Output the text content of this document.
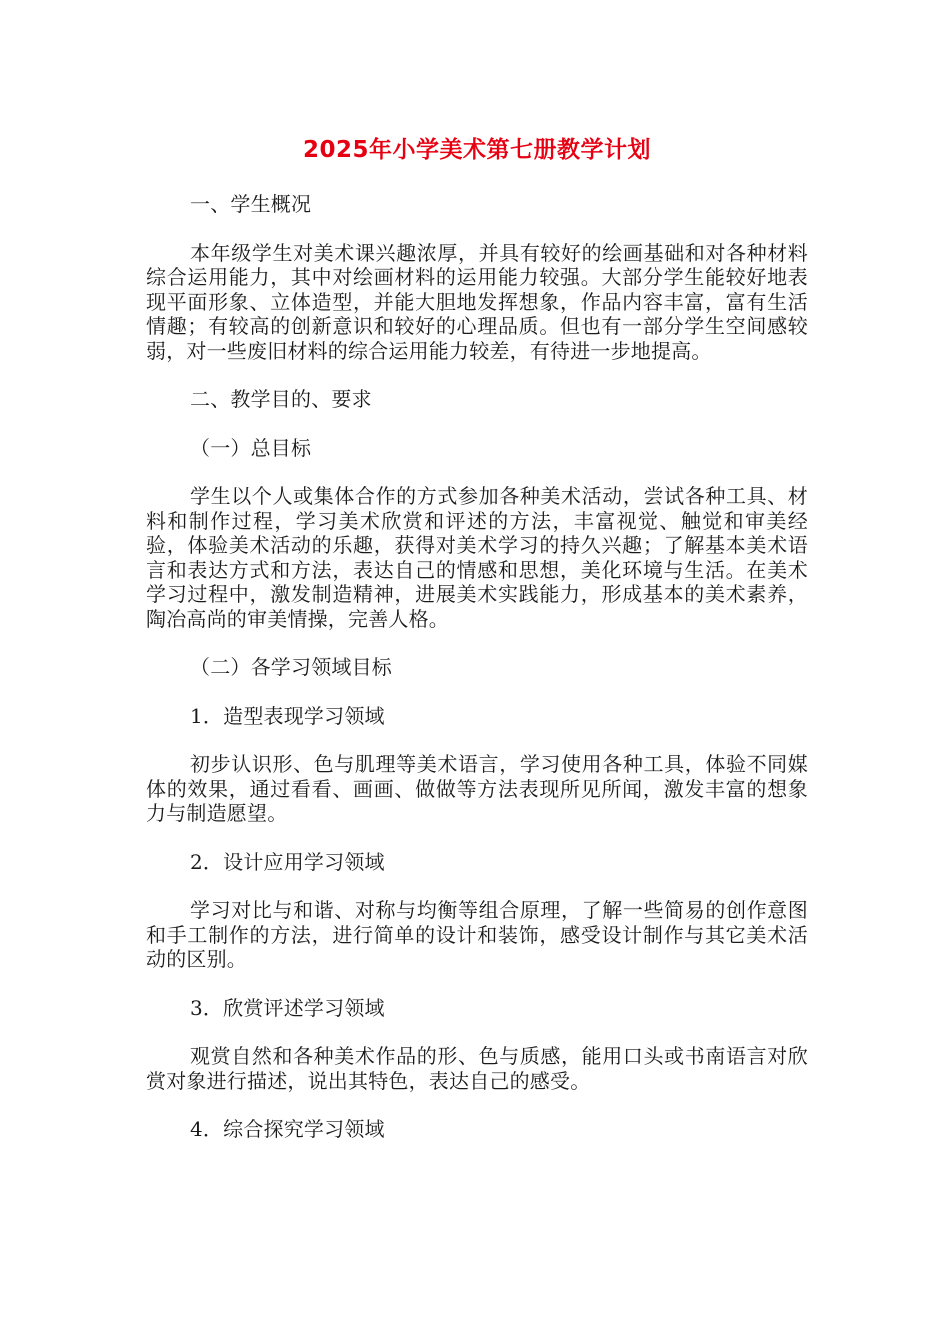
2025年小学美术第七册教学计划
一、学生概况
本年级学生对美术课兴趣浓厚，并具有较好的绘画基础和对各种材料综合运用能力，其中对绘画材料的运用能力较强。大部分学生能较好地表现平面形象、立体造型，并能大胆地发挥想象，作品内容丰富，富有生活情趣；有较高的创新意识和较好的心理品质。但也有一部分学生空间感较弱，对一些废旧材料的综合运用能力较差，有待进一步地提高。
二、教学目的、要求
（一）总目标
学生以个人或集体合作的方式参加各种美术活动，尝试各种工具、材料和制作过程，学习美术欣赏和评述的方法，丰富视觉、触觉和审美经验，体验美术活动的乐趣，获得对美术学习的持久兴趣；了解基本美术语言和表达方式和方法，表达自己的情感和思想，美化环境与生活。在美术学习过程中，激发制造精神，进展美术实践能力，形成基本的美术素养，陶冶高尚的审美情操，完善人格。
（二）各学习领域目标
1．造型表现学习领域
初步认识形、色与肌理等美术语言，学习使用各种工具，体验不同媒体的效果，通过看看、画画、做做等方法表现所见所闻，激发丰富的想象力与制造愿望。
2．设计应用学习领域
学习对比与和谐、对称与均衡等组合原理，了解一些简易的创作意图和手工制作的方法，进行简单的设计和装饰，感受设计制作与其它美术活动的区别。
3．欣赏评述学习领域
观赏自然和各种美术作品的形、色与质感，能用口头或书南语言对欣赏对象进行描述，说出其特色，表达自己的感受。
4．综合探究学习领域
